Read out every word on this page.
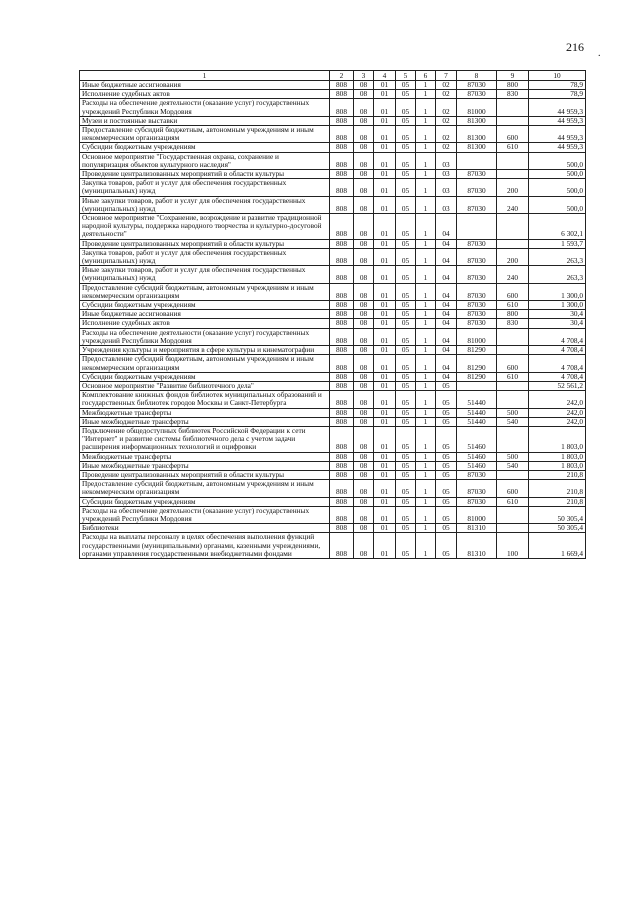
216 .
1	2	3	4	5	6	7	8	9	10
Иные бюджетные ассигнования	808	08	01	05	1	02	87030	800	78,9
Исполнение судебных актов	808	08	01	05	1	02	87030	830	78,9
Расходы на обеспечение деятельности (оказание услуг) государственных учреждений Республики Мордовия	808	08	01	05	1	02	81000		44 959,3
Музеи и постоянные выставки	808	08	01	05	1	02	81300		44 959,3
Предоставление субсидий бюджетным, автономным учреждениям и иным некоммерческим организациям	808	08	01	05	1	02	81300	600	44 959,3
Субсидии бюджетным учреждениям	808	08	01	05	1	02	81300	610	44 959,3
Основное мероприятие "Государственная охрана, сохранение и популяризация объектов культурного наследия"	808	08	01	05	1	03			500,0
Проведение централизованных мероприятий в области культуры	808	08	01	05	1	03	87030		500,0
Закупка товаров, работ и услуг для обеспечения государственных (муниципальных) нужд	808	08	01	05	1	03	87030	200	500,0
Иные закупки товаров, работ и услуг для обеспечения государственных (муниципальных) нужд	808	08	01	05	1	03	87030	240	500,0
Основное мероприятие "Сохранение, возрождение и развитие традиционной народной культуры, поддержка народного творчества и культурно-досуговой деятельности"	808	08	01	05	1	04			6 302,1
Проведение централизованных мероприятий в области культуры	808	08	01	05	1	04	87030		1 593,7
Закупка товаров, работ и услуг для обеспечения государственных (муниципальных) нужд	808	08	01	05	1	04	87030	200	263,3
Иные закупки товаров, работ и услуг для обеспечения государственных (муниципальных) нужд	808	08	01	05	1	04	87030	240	263,3
Предоставление субсидий бюджетным, автономным учреждениям и иным некоммерческим организациям	808	08	01	05	1	04	87030	600	1 300,0
Субсидии бюджетным учреждениям	808	08	01	05	1	04	87030	610	1 300,0
Иные бюджетные ассигнования	808	08	01	05	1	04	87030	800	30,4
Исполнение судебных актов	808	08	01	05	1	04	87030	830	30,4
Расходы на обеспечение деятельности (оказание услуг) государственных учреждений Республики Мордовия	808	08	01	05	1	04	81000		4 708,4
Учреждения культуры и мероприятия в сфере культуры и кинематографии	808	08	01	05	1	04	81290		4 708,4
Предоставление субсидий бюджетным, автономным учреждениям и иным некоммерческим организациям	808	08	01	05	1	04	81290	600	4 708,4
Субсидии бюджетным учреждениям	808	08	01	05	1	04	81290	610	4 708,4
Основное мероприятие "Развитие библиотечного дела"	808	08	01	05	1	05			52 561,2
Комплектование книжных фондов библиотек муниципальных образований и государственных библиотек городов Москвы и Санкт-Петербурга	808	08	01	05	1	05	51440		242,0
Межбюджетные трансферты	808	08	01	05	1	05	51440	500	242,0
Иные межбюджетные трансферты	808	08	01	05	1	05	51440	540	242,0
Подключение общедоступных библиотек Российской Федерации к сети "Интернет" и развитие системы библиотечного дела с учетом задачи расширения информационных технологий и оцифровки	808	08	01	05	1	05	51460		1 803,0
Межбюджетные трансферты	808	08	01	05	1	05	51460	500	1 803,0
Иные межбюджетные трансферты	808	08	01	05	1	05	51460	540	1 803,0
Проведение централизованных мероприятий в области культуры	808	08	01	05	1	05	87030		210,8
Предоставление субсидий бюджетным, автономным учреждениям и иным некоммерческим организациям	808	08	01	05	1	05	87030	600	210,8
Субсидии бюджетным учреждениям	808	08	01	05	1	05	87030	610	210,8
Расходы на обеспечение деятельности (оказание услуг) государственных учреждений Республики Мордовия	808	08	01	05	1	05	81000		50 305,4
Библиотеки	808	08	01	05	1	05	81310		50 305,4
Расходы на выплаты персоналу в целях обеспечения выполнения функций государственными (муниципальными) органами, казенными учреждениями, органами управления государственными внебюджетными фондами	808	08	01	05	1	05	81310	100	1 669,4
